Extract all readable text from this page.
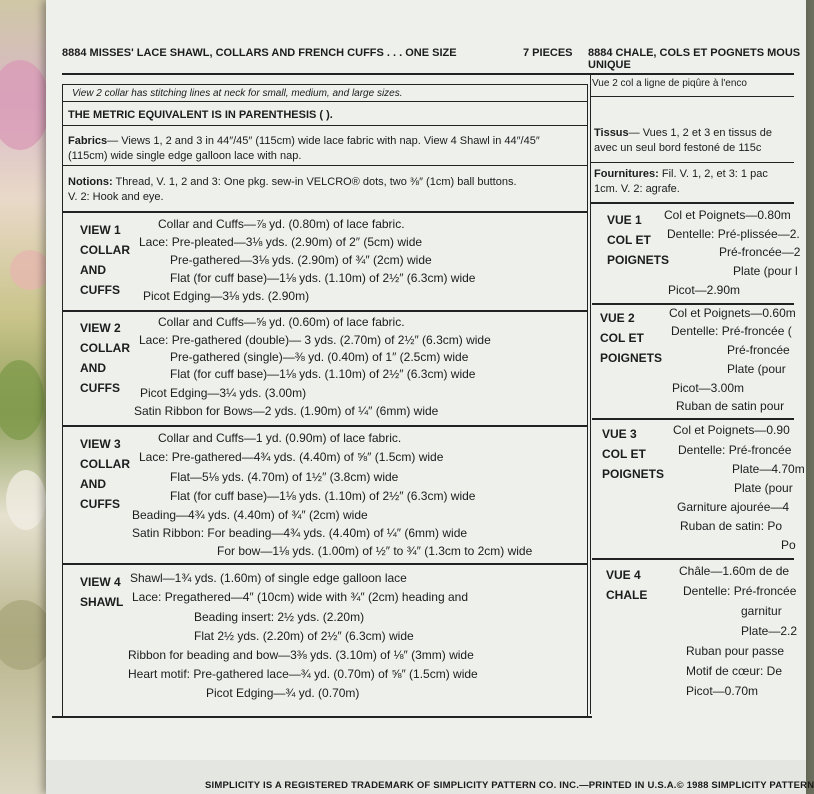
8884 MISSES' LACE SHAWL, COLLARS AND FRENCH CUFFS . . . ONE SIZE	7 PIECES 8884 CHALE, COLS ET POGNETS MOUS
UNIQUE
View 2 collar has stitching lines at neck for small, medium, and large sizes.
THE METRIC EQUIVALENT IS IN PARENTHESIS ( ).
Fabrics— Views 1, 2 and 3 in 44″/45″ (115cm) wide lace fabric with nap. View 4 Shawl in 44″/45″
(115cm) wide single edge galloon lace with nap.
Notions: Thread, V. 1, 2 and 3: One pkg. sew-in VELCRO® dots, two ⅜″ (1cm) ball buttons.
V. 2: Hook and eye.
VIEW 1
COLLAR
AND
CUFFS
Collar and Cuffs—⅞ yd. (0.80m) of lace fabric.
Lace: Pre-pleated—3⅛ yds. (2.90m) of 2″ (5cm) wide
Pre-gathered—3⅛ yds. (2.90m) of ¾″ (2cm) wide
Flat (for cuff base)—1⅛ yds. (1.10m) of 2½″ (6.3cm) wide
Picot Edging—3⅛ yds. (2.90m)
VIEW 2
COLLAR
AND
CUFFS
Collar and Cuffs—⅝ yd. (0.60m) of lace fabric.
Lace: Pre-gathered (double)— 3 yds. (2.70m) of 2½″ (6.3cm) wide
Pre-gathered (single)—⅜ yd. (0.40m) of 1″ (2.5cm) wide
Flat (for cuff base)—1⅛ yds. (1.10m) of 2½″ (6.3cm) wide
Picot Edging—3¼ yds. (3.00m)
Satin Ribbon for Bows—2 yds. (1.90m) of ¼″ (6mm) wide
VIEW 3
COLLAR
AND
CUFFS
Collar and Cuffs—1 yd. (0.90m) of lace fabric.
Lace: Pre-gathered—4¾ yds. (4.40m) of ⅝″ (1.5cm) wide
Flat—5⅛ yds. (4.70m) of 1½″ (3.8cm) wide
Flat (for cuff base)—1⅛ yds. (1.10m) of 2½″ (6.3cm) wide
Beading—4¾ yds. (4.40m) of ¾″ (2cm) wide
Satin Ribbon: For beading—4¾ yds. (4.40m) of ¼″ (6mm) wide
For bow—1⅛ yds. (1.00m) of ½″ to ¾″ (1.3cm to 2cm) wide
VIEW 4
SHAWL
Shawl—1¾ yds. (1.60m) of single edge galloon lace
Lace: Pregathered—4″ (10cm) wide with ¾″ (2cm) heading and
Beading insert: 2½ yds. (2.20m)
Flat 2½ yds. (2.20m) of 2½″ (6.3cm) wide
Ribbon for beading and bow—3⅜ yds. (3.10m) of ⅛″ (3mm) wide
Heart motif: Pre-gathered lace—¾ yd. (0.70m) of ⅝″ (1.5cm) wide
Picot Edging—¾ yd. (0.70m)
Vue 2 col a ligne de piqûre à l'enco
Tissus— Vues 1, 2 et 3 en tissus de
avec un seul bord festoné de 115c
Fournitures: Fil. V. 1, 2, et 3: 1 pac
1cm. V. 2: agrafe.
VUE 1
COL ET
POIGNETS
Col et Poignets—0.80m
Dentelle: Pré-plissée—2.
Pré-froncée—2
Plate (pour l
Picot—2.90m
VUE 2
COL ET
POIGNETS
Col et Poignets—0.60m
Dentelle: Pré-froncée (
Pré-froncée
Plate (pour
Picot—3.00m
Ruban de satin pour
VUE 3
COL ET
POIGNETS
Col et Poignets—0.90
Dentelle: Pré-froncée
Plate—4.70m
Plate (pour
Garniture ajourée—4
Ruban de satin: Po
Po
VUE 4
CHALE
Châle—1.60m de de
Dentelle: Pré-froncée
garnitur
Plate—2.2
Ruban pour passe
Motif de cœur: De
Picot—0.70m
SIMPLICITY IS A REGISTERED TRADEMARK OF SIMPLICITY PATTERN CO. INC.—PRINTED IN U.S.A.© 1988 SIMPLICITY PATTERN
